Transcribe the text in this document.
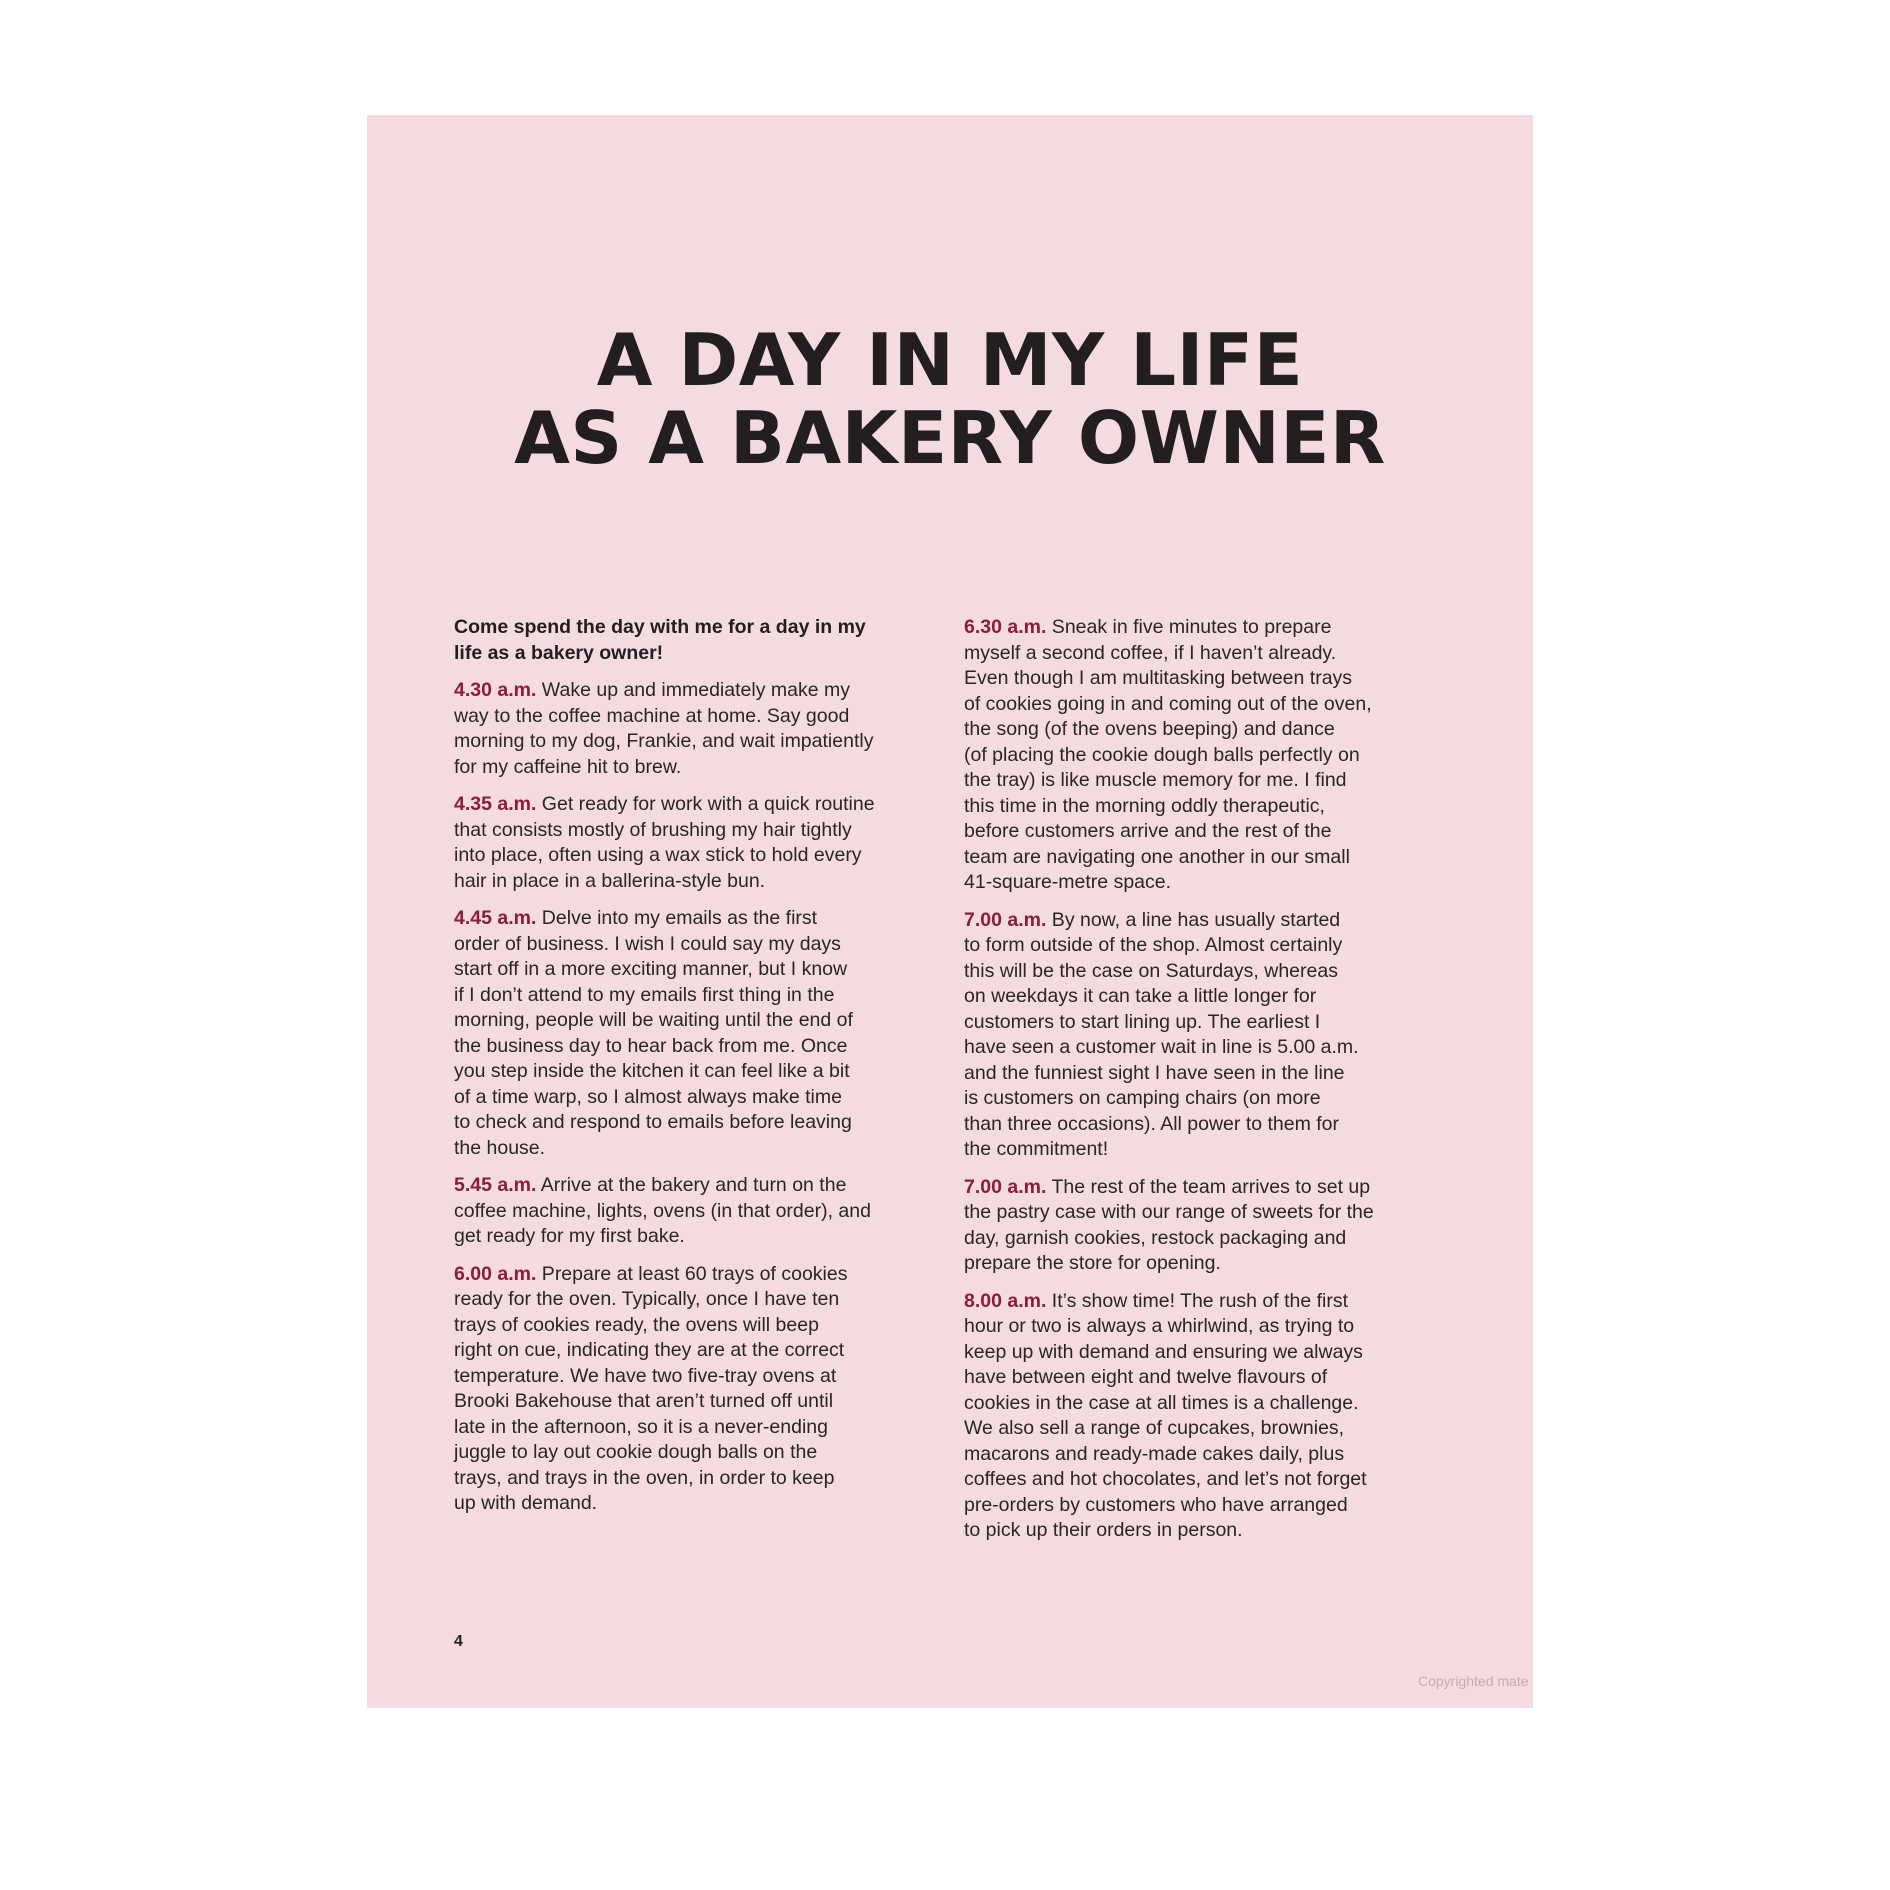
A DAY IN MY LIFE
AS A BAKERY OWNER
Come spend the day with me for a day in my
life as a bakery owner!
4.30 a.m. Wake up and immediately make my
way to the coffee machine at home. Say good
morning to my dog, Frankie, and wait impatiently
for my caffeine hit to brew.
4.35 a.m. Get ready for work with a quick routine
that consists mostly of brushing my hair tightly
into place, often using a wax stick to hold every
hair in place in a ballerina-style bun.
4.45 a.m. Delve into my emails as the first
order of business. I wish I could say my days
start off in a more exciting manner, but I know
if I don’t attend to my emails first thing in the
morning, people will be waiting until the end of
the business day to hear back from me. Once
you step inside the kitchen it can feel like a bit
of a time warp, so I almost always make time
to check and respond to emails before leaving
the house.
5.45 a.m. Arrive at the bakery and turn on the
coffee machine, lights, ovens (in that order), and
get ready for my first bake.
6.00 a.m. Prepare at least 60 trays of cookies
ready for the oven. Typically, once I have ten
trays of cookies ready, the ovens will beep
right on cue, indicating they are at the correct
temperature. We have two five-tray ovens at
Brooki Bakehouse that aren’t turned off until
late in the afternoon, so it is a never-ending
juggle to lay out cookie dough balls on the
trays, and trays in the oven, in order to keep
up with demand.
6.30 a.m. Sneak in five minutes to prepare
myself a second coffee, if I haven’t already.
Even though I am multitasking between trays
of cookies going in and coming out of the oven,
the song (of the ovens beeping) and dance
(of placing the cookie dough balls perfectly on
the tray) is like muscle memory for me. I find
this time in the morning oddly therapeutic,
before customers arrive and the rest of the
team are navigating one another in our small
41-square-metre space.
7.00 a.m. By now, a line has usually started
to form outside of the shop. Almost certainly
this will be the case on Saturdays, whereas
on weekdays it can take a little longer for
customers to start lining up. The earliest I
have seen a customer wait in line is 5.00 a.m.
and the funniest sight I have seen in the line
is customers on camping chairs (on more
than three occasions). All power to them for
the commitment!
7.00 a.m. The rest of the team arrives to set up
the pastry case with our range of sweets for the
day, garnish cookies, restock packaging and
prepare the store for opening.
8.00 a.m. It’s show time! The rush of the first
hour or two is always a whirlwind, as trying to
keep up with demand and ensuring we always
have between eight and twelve flavours of
cookies in the case at all times is a challenge.
We also sell a range of cupcakes, brownies,
macarons and ready-made cakes daily, plus
coffees and hot chocolates, and let’s not forget
pre-orders by customers who have arranged
to pick up their orders in person.
4
Copyrighted mate
